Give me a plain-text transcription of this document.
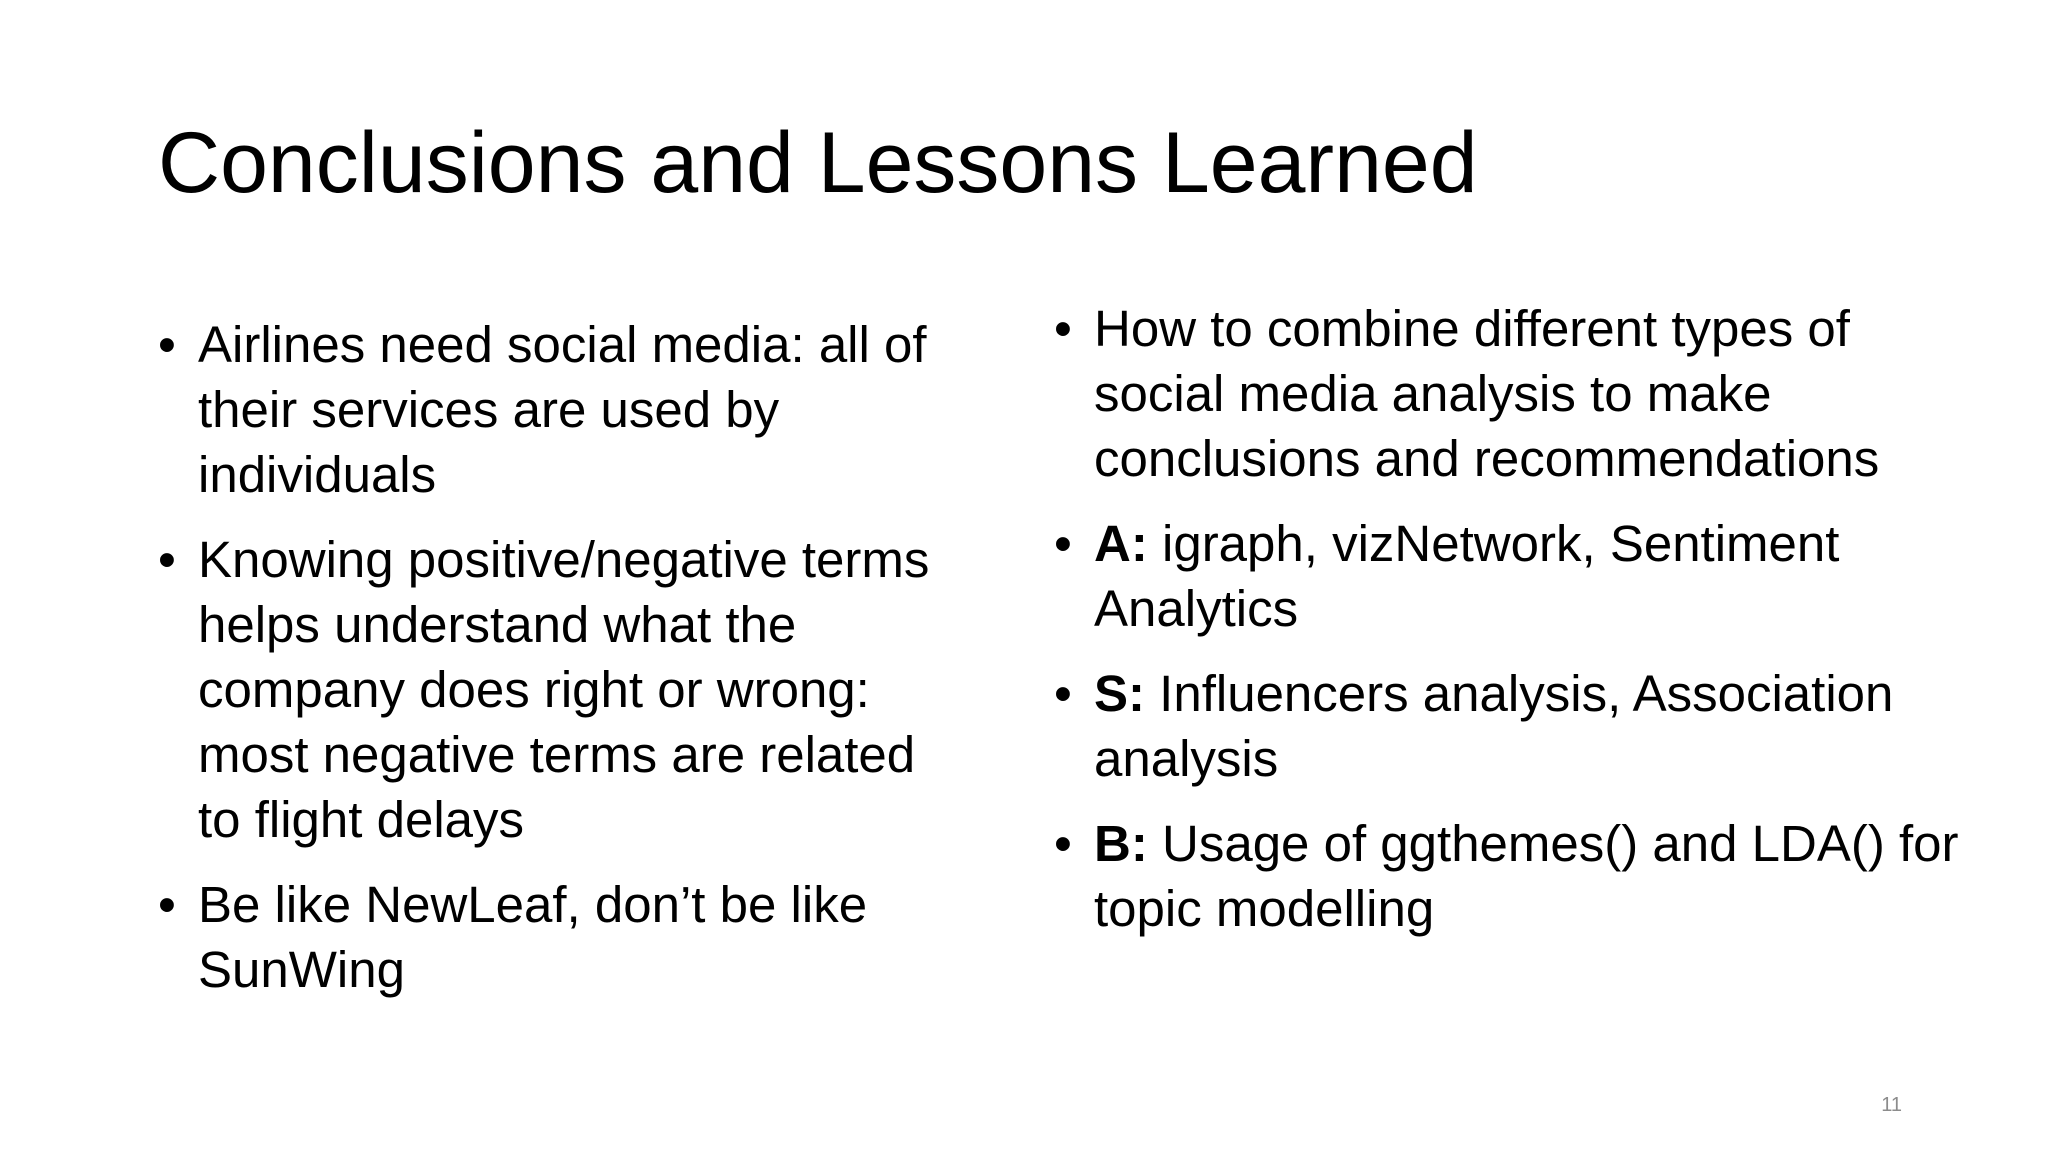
Conclusions and Lessons Learned
• Airlines need social media: all of their services are used by individuals
• Knowing positive/negative terms helps understand what the company does right or wrong: most negative terms are related to flight delays
• Be like NewLeaf, don’t be like SunWing
• How to combine different types of social media analysis to make conclusions and recommendations
• A: igraph, vizNetwork, Sentiment Analytics
• S: Influencers analysis, Association analysis
• B: Usage of ggthemes() and LDA() for topic modelling
11
